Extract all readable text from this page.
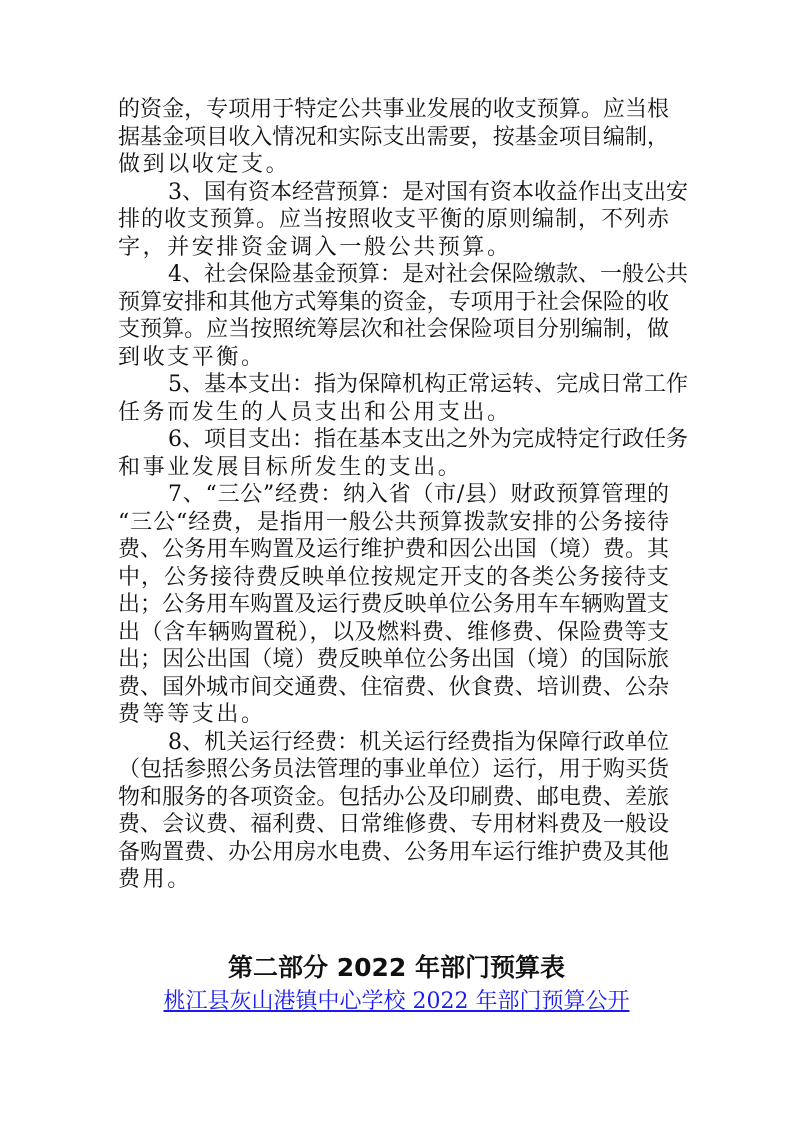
的资金，专项用于特定公共事业发展的收支预算。应当根
据基金项目收入情况和实际支出需要，按基金项目编制，
做到以收定支。
3、国有资本经营预算：是对国有资本收益作出支出安
排的收支预算。应当按照收支平衡的原则编制，不列赤
字，并安排资金调入一般公共预算。
4、社会保险基金预算：是对社会保险缴款、一般公共
预算安排和其他方式筹集的资金，专项用于社会保险的收
支预算。应当按照统筹层次和社会保险项目分别编制，做
到收支平衡。
5、基本支出：指为保障机构正常运转、完成日常工作
任务而发生的人员支出和公用支出。
6、项目支出：指在基本支出之外为完成特定行政任务
和事业发展目标所发生的支出。
7、“三公”经费：纳入省（市/县）财政预算管理的
“三公“经费，是指用一般公共预算拨款安排的公务接待
费、公务用车购置及运行维护费和因公出国（境）费。其
中，公务接待费反映单位按规定开支的各类公务接待支
出；公务用车购置及运行费反映单位公务用车车辆购置支
出（含车辆购置税），以及燃料费、维修费、保险费等支
出；因公出国（境）费反映单位公务出国（境）的国际旅
费、国外城市间交通费、住宿费、伙食费、培训费、公杂
费等等支出。
8、机关运行经费：机关运行经费指为保障行政单位
（包括参照公务员法管理的事业单位）运行，用于购买货
物和服务的各项资金。包括办公及印刷费、邮电费、差旅
费、会议费、福利费、日常维修费、专用材料费及一般设
备购置费、办公用房水电费、公务用车运行维护费及其他
费用。
第二部分 2022 年部门预算表
桃江县灰山港镇中心学校 2022 年部门预算公开
